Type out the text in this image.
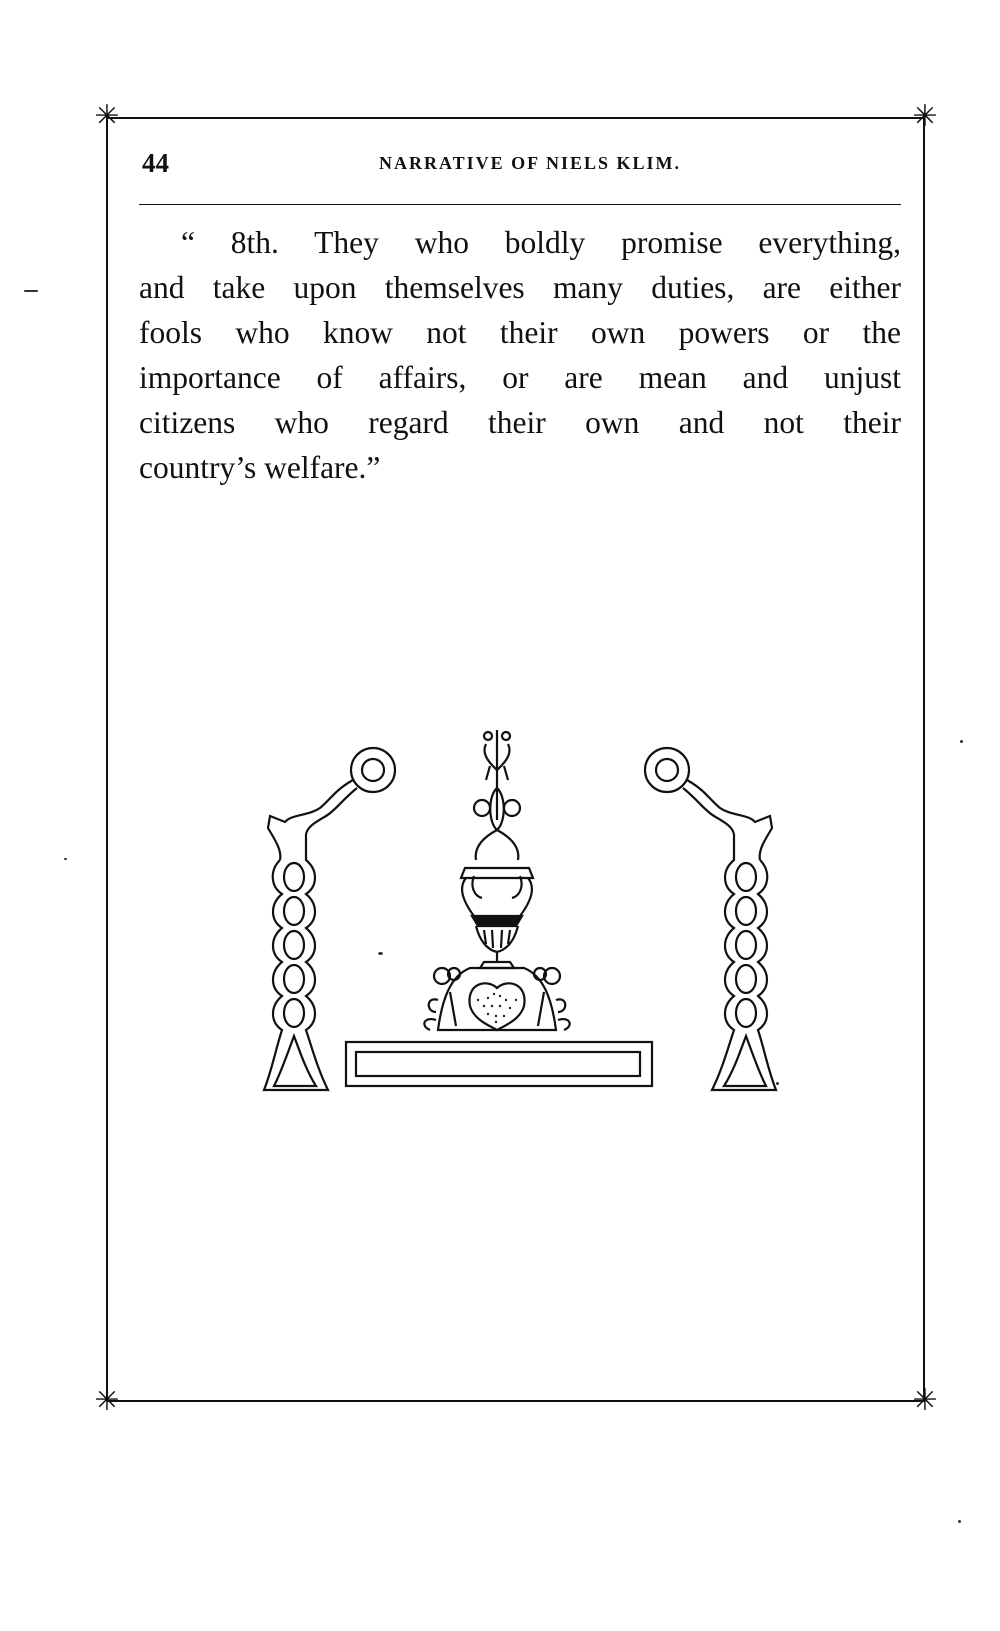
✳	✳
✳	✳
44	NARRATIVE OF NIELS KLIM.
“ 8th. They who boldly promise everything,
and take upon themselves many duties, are either
fools who know not their own powers or the
importance of affairs, or are mean and unjust
citizens who regard their own and not their
country’s welfare.”
